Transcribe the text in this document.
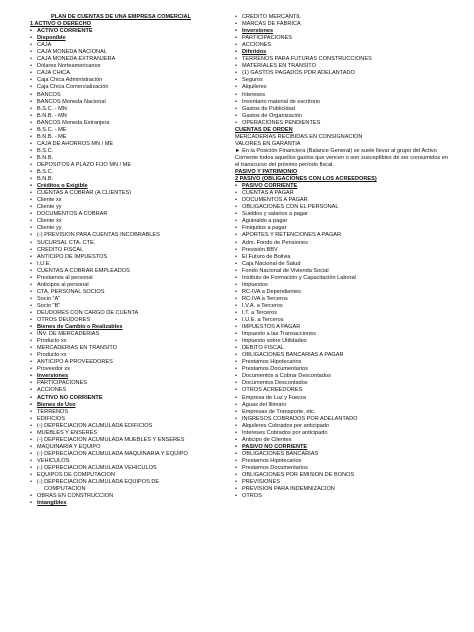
PLAN DE CUENTAS DE UNA EMPRESA COMERCIAL
1 ACTIVO O DERECHO
• ACTIVO CORRIENTE
• Disponible
• CAJA
• CAJA MONEDA NACIONAL
• CAJA MONEDA EXTRANJERA
• Dólares Norteamericanos
• CAJA CHICA
• Caja Chica Administración
• Caja Chica Comercialización
• BANCOS
• BANCOS Moneda Nacional
• B.S.C. - MN
• B.N.B. - MN
• BANCOS Moneda Extranjera
• B.S.C. - ME
• B.N.B. - ME
• CAJA DE AHORROS MN / ME
• B.S.C.
• B.N.B.
• DEPOSITOS A PLAZO FIJO MN / ME
• B.S.C.
• B.N.B.
• Créditos o Exigible
• CUENTAS A COBRAR (A CLIENTES)
• Cliente xx
• Cliente yy
• DOCUMENTOS A COBRAR
• Cliente xx
• Cliente yy
• (-) PREVISION PARA CUENTAS INCOBRABLES
• SUCURSAL CTA. CTE.
• CREDITO FISCAL
• ANTICIPO DE IMPUESTOS
• I.U.E.
• CUENTAS A COBRAR EMPLEADOS
• Prestamos al personal
• Anticipos al personal
• CTA. PERSONAL SOCIOS
• Socio "A"
• Socio "B"
• DEUDORES CON CARGO DE CUENTA
• OTROS DEUDORES
• Bienes de Cambio o Realizables
• INV. DE MERCADERIAS
• Producto xx
• MERCADERIAS EN TRANSITO
• Producto xx
• ANTICIPO A PROVEEDORES
• Proveedor xx
• Inversiones
• PARTICIPACIONES
• ACCIONES
• ACTIVO NO CORRIENTE
• Bienes de Uso
• TERRENOS
• EDIFICIOS
• (-) DEPRECIACION ACUMULADA EDIFICIOS
• MUEBLES Y ENSERES
• (-) DEPRECIACION ACUMULADA MUEBLES Y ENSERES
• MAQUINARIA Y EQUIPO
• (-) DEPRECIACION ACUMULADA MAQUINARIA Y EQUIPO
• VEHICULOS
• (-) DEPRECIACION ACUMULADA VEHICULOS
• EQUIPOS DE COMPUTACION
• (-) DEPRECIACION ACUMULADA EQUIPOS DE
COMPUTACION
• OBRAS EN CONSTRUCCION
• Intangibles
• CREDITO MERCANTIL
• MARCAS DE FABRICA
• Inversiones
• PARTICIPACIONES
• ACCIONES
• Diferidos
• TERRENOS PARA FUTURAS CONSTRUCCIONES
• MATERIALES EN TRANSITO
• (1) GASTOS PAGADOS POR ADELANTADO
• Seguros
• Alquileres
• Intereses
• Inventario material de escritorio
• Gastos de Publicidad
• Gastos de Organización
• OPERACIONES PENDIENTES
CUENTAS DE ORDEN
MERCADERIAS RECIBIDAS EN CONSIGNACION
VALORES EN GARANTIA
► En la Posición Financiera (Balance General) se suele llevar al grupo del Activo Corriente todos aquellos gastos que vencen o son susceptibles de ser consumidos en el transcurso del próximo período fiscal.
PASIVO Y PATRIMONIO
2 PASIVO (OBLIGACIONES CON LOS ACREEDORES)
• PASIVO CORRIENTE
• CUENTAS A PAGAR
• DOCUMENTOS A PAGAR
• OBLIGACIONES CON EL PERSONAL
• Sueldos y salarios a pagar
• Aguinaldo a pagar
• Finiquitos a pagar
• APORTES Y RETENCIONES A PAGAR
• Adm. Fondo de Pensiones
• Previsión BBV
• El Futuro de Bolivia
• Caja Nacional de Salud
• Fondo Nacional de Vivienda Social
• Instituto de Formación y Capacitación Laboral
• Impuestos
• RC-IVA a Dependientes
• RC-IVA a Terceros
• I.V.A. a Terceros
• I.T. a Terceros
• I.U.E. a Terceros
• IMPUESTOS A PAGAR
• Impuesto a las Transacciones
• Impuesto sobre Utilidades
• DEBITO FISCAL
• OBLIGACIONES BANCARIAS A PAGAR
• Prestamos Hipotecarios
• Prestamos Documentarios
• Documentos a Cobrar Descontados
• Documentos Descontados
• OTROS ACREEDORES
• Empresa de Luz y Fuerza
• Aguas del Illimani
• Empresas de Transporte, etc.
• INGRESOS COBRADOS POR ADELANTADO
• Alquileres Cobrados por anticipado
• Intereses Cobrados por anticipado
• Anticipo de Clientes
• PASIVO NO CORRIENTE
• OBLIGACIONES BANCARIAS
• Prestamos Hipotecarios
• Prestamos Documentarios
• OBLIGACIONES POR EMISION DE BONOS
• PREVISIONES
• PREVISION PARA INDEMNIZACION
• OTROS
